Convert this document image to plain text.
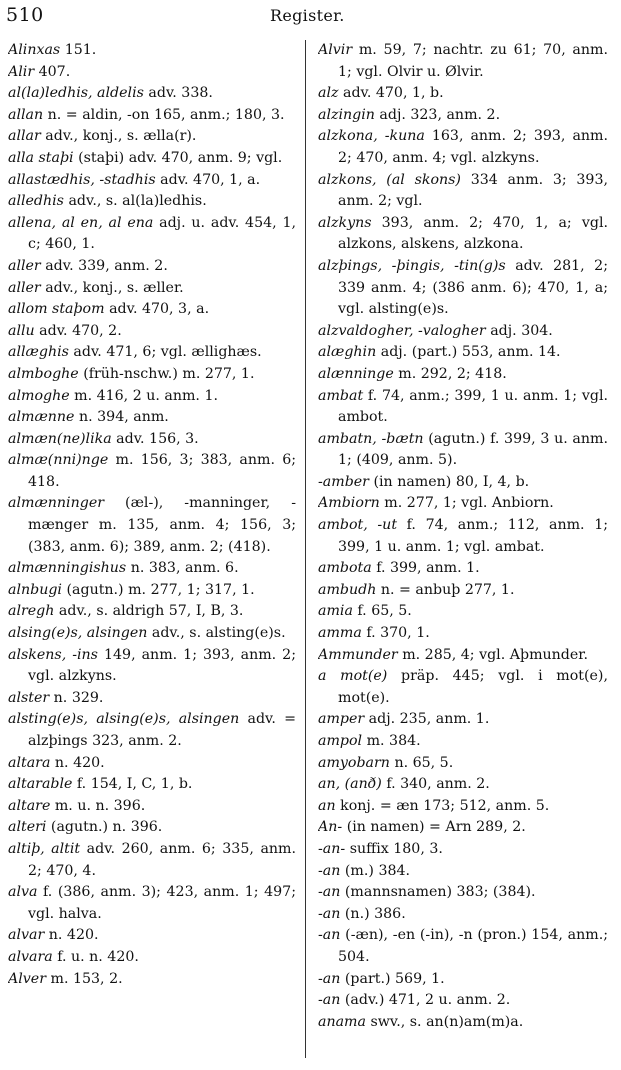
510	Register.
Alinxas 151.
Alir 407.
al(la)ledhis, aldelis adv. 338.
allan n. = aldin, -on 165, anm.; 180, 3.
allar adv., konj., s. ælla(r).
alla staþi (staþi) adv. 470, anm. 9; vgl.
allastædhis, -stadhis adv. 470, 1, a.
alledhis adv., s. al(la)ledhis.
allena, al en, al ena adj. u. adv. 454, 1, c; 460, 1.
aller adv. 339, anm. 2.
aller adv., konj., s. æller.
allom staþom adv. 470, 3, a.
allu adv. 470, 2.
allæghis adv. 471, 6; vgl. ællighæs.
almboghe (früh-nschw.) m. 277, 1.
almoghe m. 416, 2 u. anm. 1.
almænne n. 394, anm.
almæn(ne)lika adv. 156, 3.
almæ(nni)nge m. 156, 3; 383, anm. 6; 418.
almænninger (æl-), -manninger, -mænger m. 135, anm. 4; 156, 3; (383, anm. 6); 389, anm. 2; (418).
almænningishus n. 383, anm. 6.
alnbugi (agutn.) m. 277, 1; 317, 1.
alregh adv., s. aldrigh 57, I, B, 3.
alsing(e)s, alsingen adv., s. alsting(e)s.
alskens, -ins 149, anm. 1; 393, anm. 2; vgl. alzkyns.
alster n. 329.
alsting(e)s, alsing(e)s, alsingen adv. = alzþings 323, anm. 2.
altara n. 420.
altarable f. 154, I, C, 1, b.
altare m. u. n. 396.
alteri (agutn.) n. 396.
altiþ, altit adv. 260, anm. 6; 335, anm. 2; 470, 4.
alva f. (386, anm. 3); 423, anm. 1; 497; vgl. halva.
alvar n. 420.
alvara f. u. n. 420.
Alver m. 153, 2.
Alvir m. 59, 7; nachtr. zu 61; 70, anm. 1; vgl. Olvir u. Ølvir.
alz adv. 470, 1, b.
alzingin adj. 323, anm. 2.
alzkona, -kuna 163, anm. 2; 393, anm. 2; 470, anm. 4; vgl. alzkyns.
alzkons, (al skons) 334 anm. 3; 393, anm. 2; vgl.
alzkyns 393, anm. 2; 470, 1, a; vgl. alzkons, alskens, alzkona.
alzþings, -þingis, -tin(g)s adv. 281, 2; 339 anm. 4; (386 anm. 6); 470, 1, a; vgl. alsting(e)s.
alzvaldogher, -valogher adj. 304.
alæghin adj. (part.) 553, anm. 14.
alænninge m. 292, 2; 418.
ambat f. 74, anm.; 399, 1 u. anm. 1; vgl. ambot.
ambatn, -bætn (agutn.) f. 399, 3 u. anm. 1; (409, anm. 5).
-amber (in namen) 80, I, 4, b.
Ambiorn m. 277, 1; vgl. Anbiorn.
ambot, -ut f. 74, anm.; 112, anm. 1; 399, 1 u. anm. 1; vgl. ambat.
ambota f. 399, anm. 1.
ambudh n. = anbuþ 277, 1.
amia f. 65, 5.
amma f. 370, 1.
Ammunder m. 285, 4; vgl. Aþmunder.
a mot(e) präp. 445; vgl. i mot(e), mot(e).
amper adj. 235, anm. 1.
ampol m. 384.
amyobarn n. 65, 5.
an, (anð) f. 340, anm. 2.
an konj. = æn 173; 512, anm. 5.
An- (in namen) = Arn 289, 2.
-an- suffix 180, 3.
-an (m.) 384.
-an (mannsnamen) 383; (384).
-an (n.) 386.
-an (-æn), -en (-in), -n (pron.) 154, anm.; 504.
-an (part.) 569, 1.
-an (adv.) 471, 2 u. anm. 2.
anama swv., s. an(n)am(m)a.
